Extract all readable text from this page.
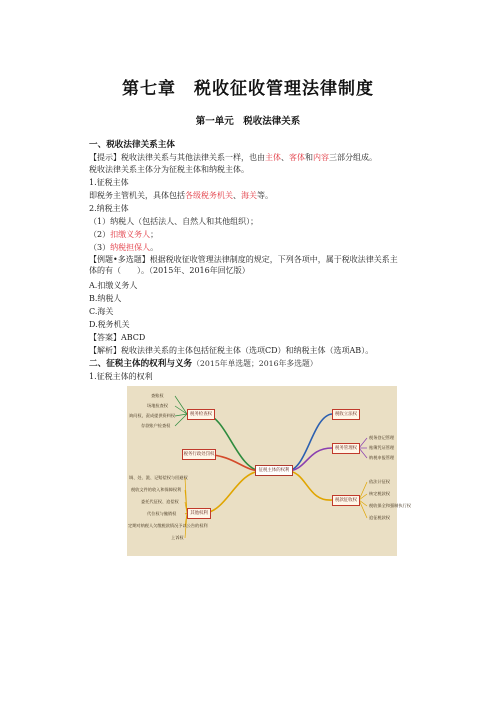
第七章　税收征收管理法律制度
第一单元　税收法律关系
一、税收法律关系主体
【提示】税收法律关系与其他法律关系一样，也由主体、客体和内容三部分组成。
税收法律关系主体分为征税主体和纳税主体。
1.征税主体
即税务主管机关，具体包括各级税务机关、海关等。
2.纳税主体
（1）纳税人（包括法人、自然人和其他组织）；
（2）扣缴义务人；
（3）纳税担保人。
【例题•多选题】根据税收征收管理法律制度的规定，下列各项中，属于税收法律关系主体的有（　　）。（2015年、2016年回忆版）
A.扣缴义务人
B.纳税人
C.海关
D.税务机关
【答案】ABCD
【解析】税收法律关系的主体包括征税主体（选项CD）和纳税主体（选项AB）。
二、征税主体的权利与义务（2015年单选题；2016年多选题）
1.征税主体的权利
征税主体的权利
税务检查权
税务行政处罚权
其他权利
税收立法权
税务管理权
税款征收权
查账权
场地检查权
询问权，责成提供资料权
存款账户检查权
调、处、派、记赔偿权与回避权
税收文件的收入和保障权利
委托代征权、追偿权
代位权与撤销权
定期对纳税人欠缴税款情况予以公告的权利
上诉权
税务登记管理
账簿凭证管理
纳税申报管理
依法计征权
核定税款权
税收保全和强制执行权
追征税款权
